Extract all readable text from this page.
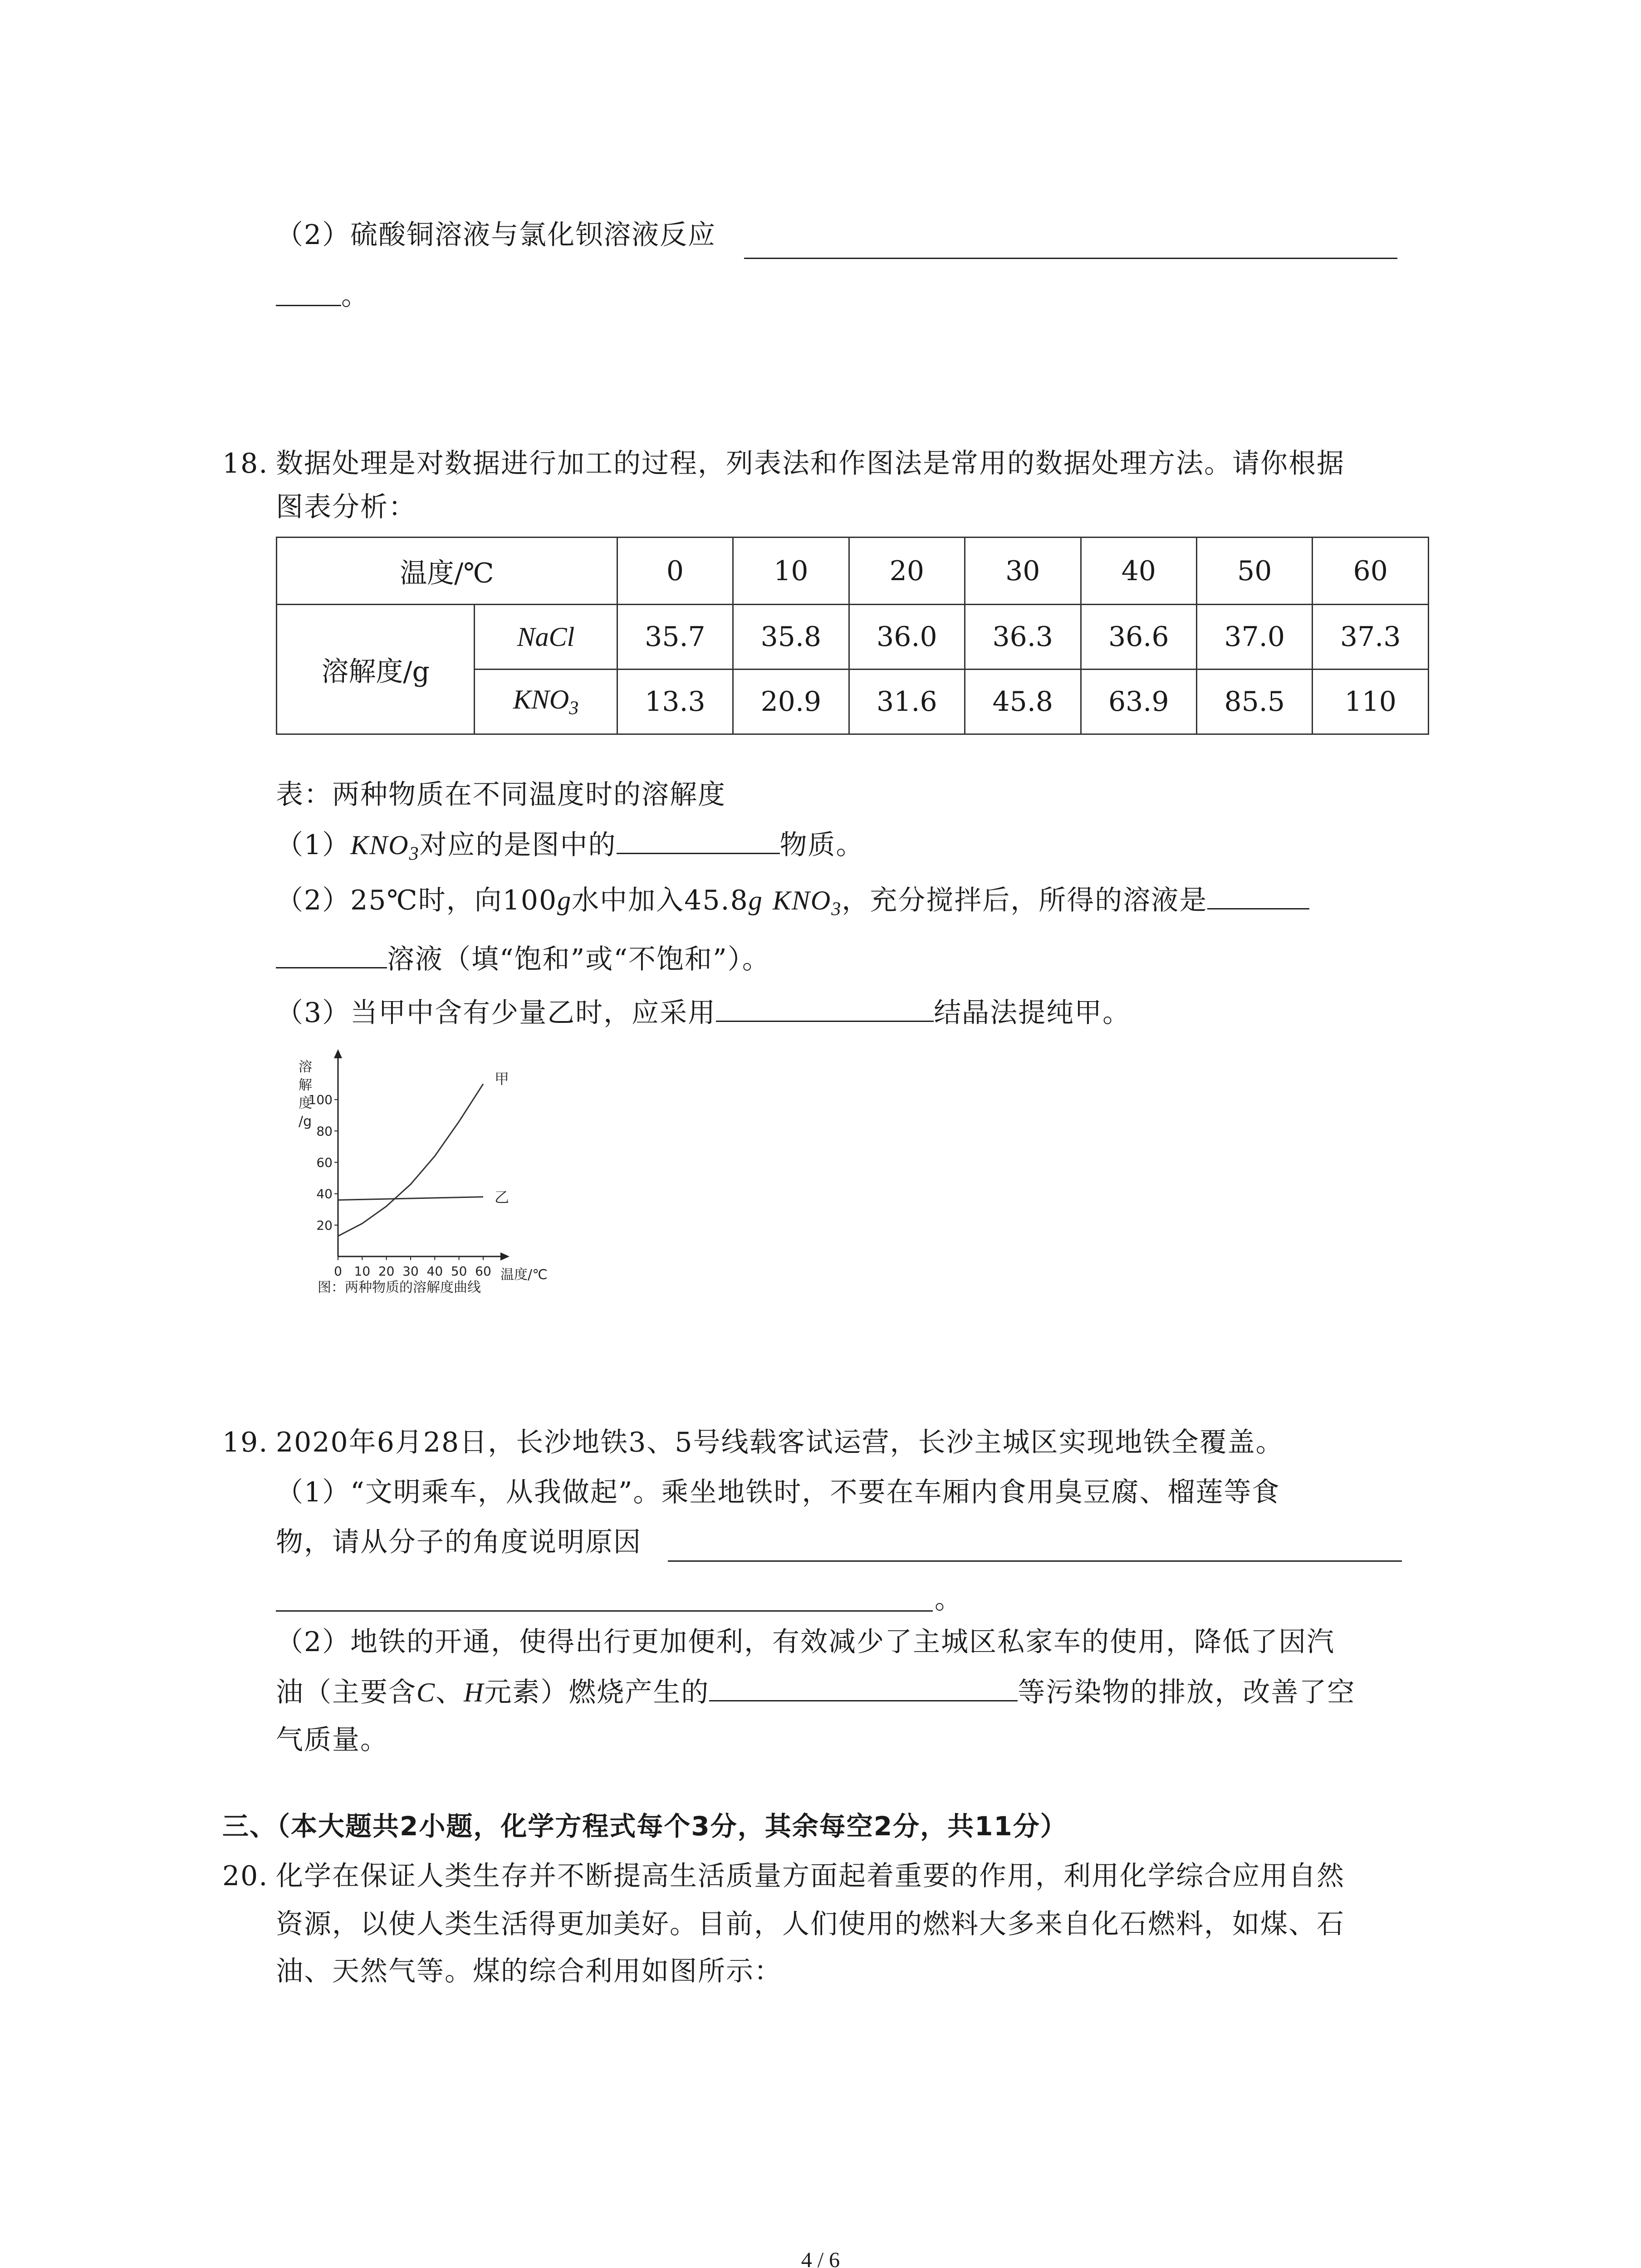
（2）硫酸铜溶液与氯化钡溶液反应
。
18. 数据处理是对数据进行加工的过程，列表法和作图法是常用的数据处理方法。请你根据
图表分析：
温度/℃		0	10	20	30	40	50	60
溶解度/g	NaCl	35.7	35.8	36.0	36.3	36.6	37.0	37.3
	$KNO_3$	13.3	20.9	31.6	45.8	63.9	85.5	110
表：两种物质在不同温度时的溶解度
$(1)KNO_3$对应的是图中的	物质。
（2）25℃时，向100g水中加入45.8g $KNO_3$，充分搅拌后，所得的溶液是
溶液（填“饱和”或“不饱和”）。
（3）当甲中含有少量乙时，应采用	结晶法提纯甲。
溶
解
度
/g
20
40
60
80
100
0 10 20 30 40 50 60 温度/℃
甲
乙
图：两种物质的溶解度曲线
19. 2020年6月28日，长沙地铁3、5号线载客试运营，长沙主城区实现地铁全覆盖。
（1）“文明乘车，从我做起”。乘坐地铁时，不要在车厢内食用臭豆腐、榴莲等食
物，请从分子的角度说明原因
。
（2）地铁的开通，使得出行更加便利，有效减少了主城区私家车的使用，降低了因汽
油（主要含C、H元素）燃烧产生的	等污染物的排放，改善了空
气质量。
三、（本大题共2小题，化学方程式每个3分，其余每空2分，共11分）
20. 化学在保证人类生存并不断提高生活质量方面起着重要的作用，利用化学综合应用自然
资源，以使人类生活得更加美好。目前，人们使用的燃料大多来自化石燃料，如煤、石
油、天然气等。煤的综合利用如图所示：
4 / 6
